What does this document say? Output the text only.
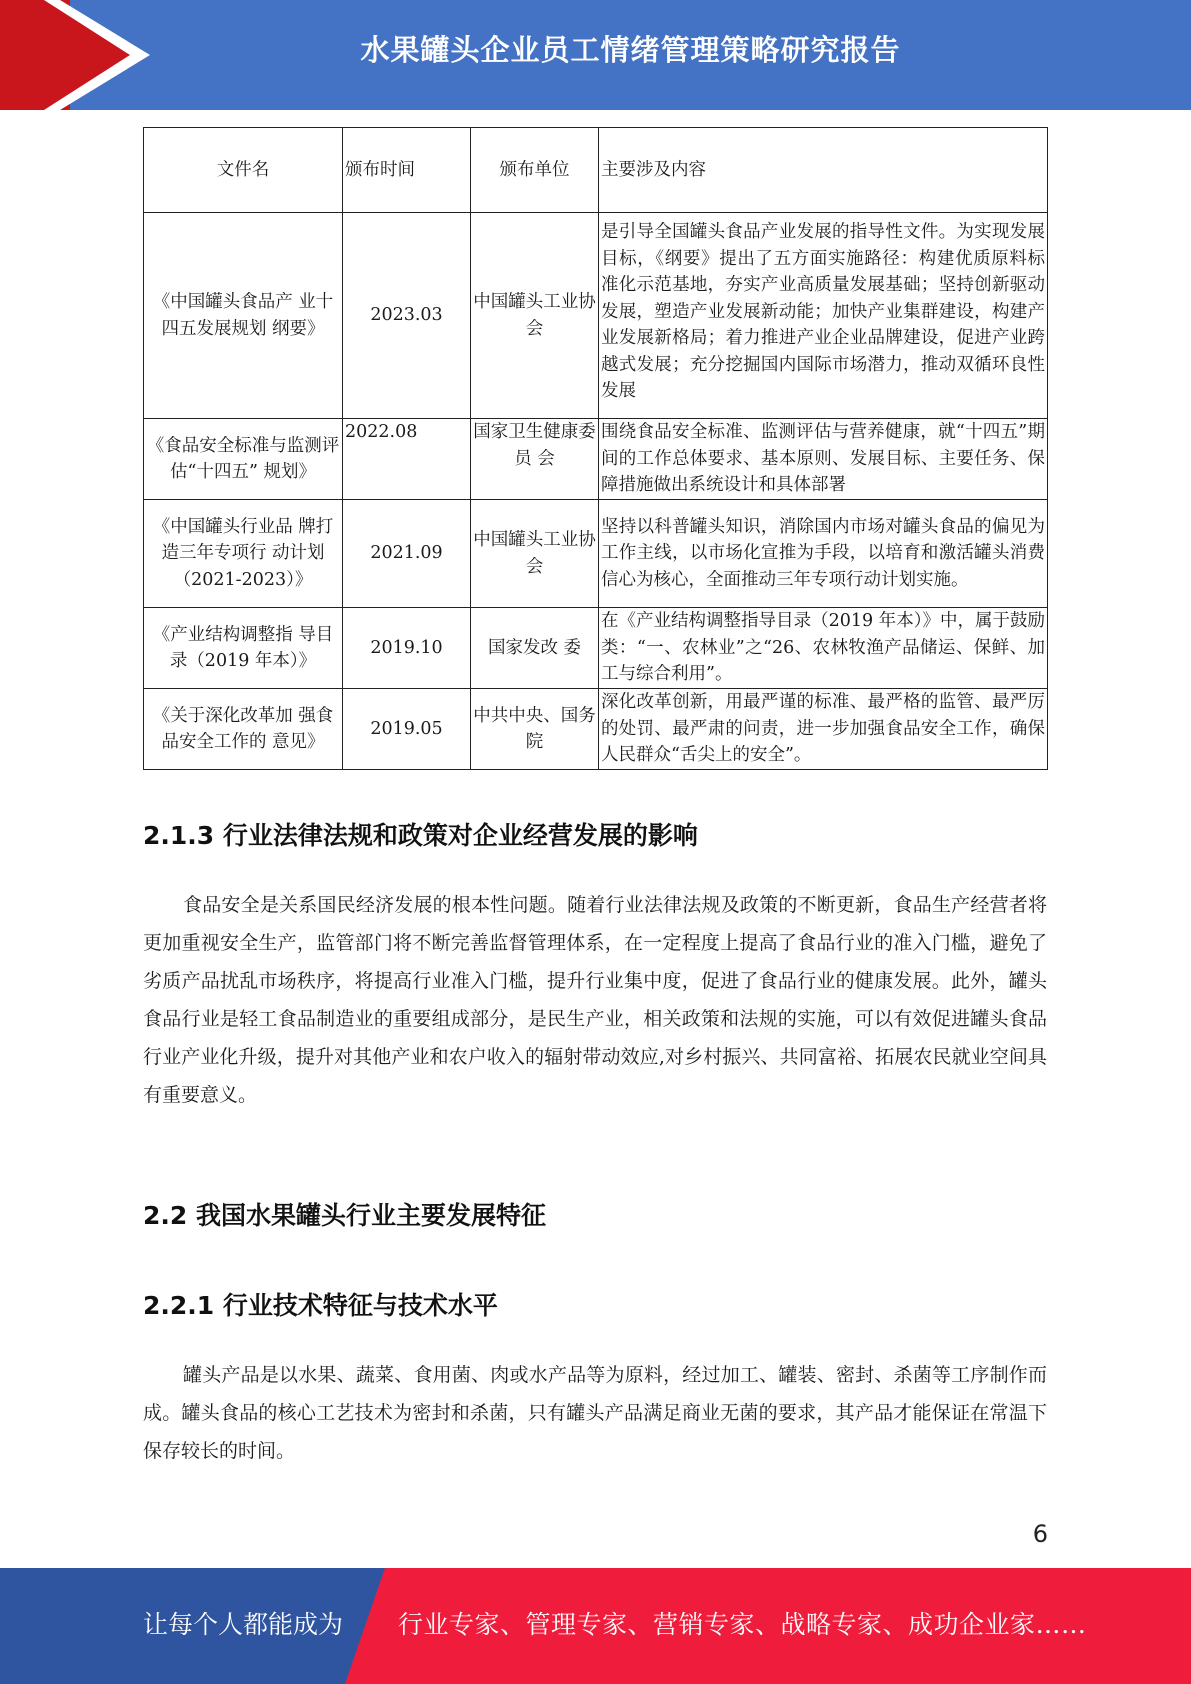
水果罐头企业员工情绪管理策略研究报告
文件名	颁布时间	颁布单位	主要涉及内容
《中国罐头食品产 业十四五发展规划 纲要》	2023.03	中国罐头工业协会	是引导全国罐头食品产业发展的指导性文件。为实现发展目标，《纲要》提出了五方面实施路径：构建优质原料标准化示范基地，夯实产业高质量发展基础；坚持创新驱动发展，塑造产业发展新动能；加快产业集群建设，构建产业发展新格局；着力推进产业企业品牌建设，促进产业跨越式发展；充分挖掘国内国际市场潜力，推动双循环良性发展

《食品安全标准与监测评估“十四五” 规划》	2022.08	国家卫生健康委员 会	围绕食品安全标准、监测评估与营养健康，就“十四五”期间的工作总体要求、基本原则、发展目标、主要任务、保障措施做出系统设计和具体部署

《中国罐头行业品 牌打造三年专项行 动计划（2021-2023）》	2021.09	中国罐头工业协会	坚持以科普罐头知识，消除国内市场对罐头食品的偏见为工作主线，以市场化宣推为手段，以培育和激活罐头消费信心为核心，全面推动三年专项行动计划实施。
《产业结构调整指 导目录（2019 年本）》	2019.10	国家发改 委	在《产业结构调整指导目录（2019 年本）》中，属于鼓励类：“一、农林业”之“26、农林牧渔产品储运、保鲜、加工与综合利用”。
《关于深化改革加 强食品安全工作的 意见》	2019.05	中共中央、国务院	深化改革创新，用最严谨的标准、最严格的监管、最严厉的处罚、最严肃的问责，进一步加强食品安全工作，确保人民群众“舌尖上的安全”。
2.1.3 行业法律法规和政策对企业经营发展的影响

食品安全是关系国民经济发展的根本性问题。随着行业法律法规及政策的不断更新，食品生产经营者将更加重视安全生产，监管部门将不断完善监督管理体系，在一定程度上提高了食品行业的准入门槛，避免了劣质产品扰乱市场秩序，将提高行业准入门槛，提升行业集中度，促进了食品行业的健康发展。此外，罐头食品行业是轻工食品制造业的重要组成部分，是民生产业，相关政策和法规的实施，可以有效促进罐头食品行业产业化升级，提升对其他产业和农户收入的辐射带动效应,对乡村振兴、共同富裕、拓展农民就业空间具有重要意义。

2.2 我国水果罐头行业主要发展特征
2.2.1 行业技术特征与技术水平

罐头产品是以水果、蔬菜、食用菌、肉或水产品等为原料，经过加工、罐装、密封、杀菌等工序制作而成。罐头食品的核心工艺技术为密封和杀菌，只有罐头产品满足商业无菌的要求，其产品才能保证在常温下保存较长的时间。

6
让每个人都能成为 行业专家、管理专家、营销专家、战略专家、成功企业家……
